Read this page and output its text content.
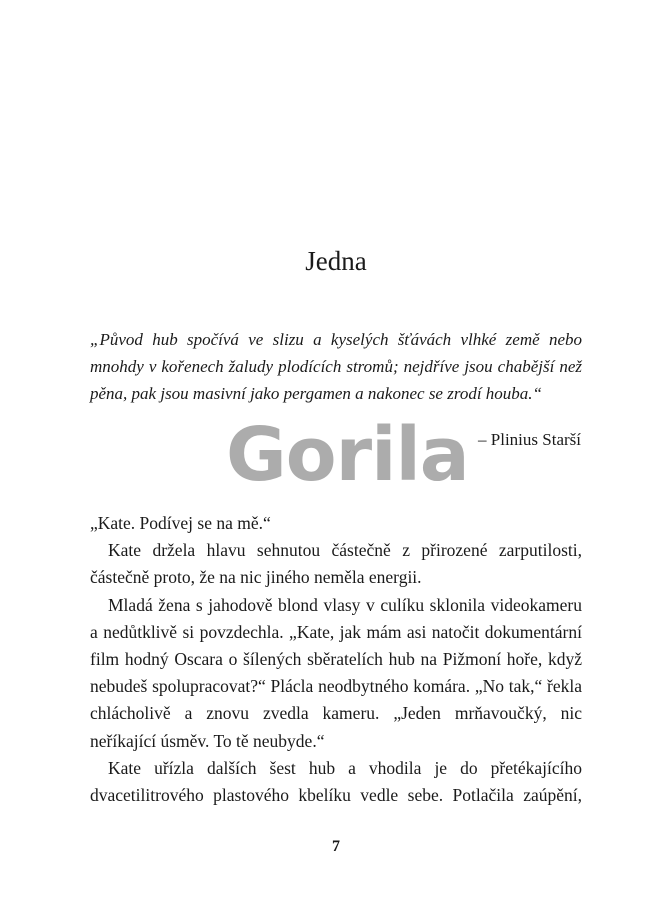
Jedna

„Původ hub spočívá ve slizu a kyselých šťávách vlhké země nebo mnohdy v kořenech žaludy plodících stromů; nejdříve jsou chabější než pěna, pak jsou masivní jako pergamen a nakonec se zrodí houba.“

– Plinius Starší

Gorila

„Kate. Podívej se na mě.“

Kate držela hlavu sehnutou částečně z přirozené zarputilosti, částečně proto, že na nic jiného neměla energii.

Mladá žena s jahodově blond vlasy v culíku sklonila videokameru a nedůtklivě si povzdechla. „Kate, jak mám asi natočit dokumentární film hodný Oscara o šílených sběratelích hub na Pižmoní hoře, když nebudeš spolupracovat?“ Plácla neodbytného komára. „No tak,“ řekla chlácholivě a znovu zvedla kameru. „Jeden mrňavoučký, nic neříkající úsměv. To tě neubyde.“

Kate uřízla dalších šest hub a vhodila je do přetékajícího dvacetilitrového plastového kbelíku vedle sebe. Potlačila zaúpění,

7
